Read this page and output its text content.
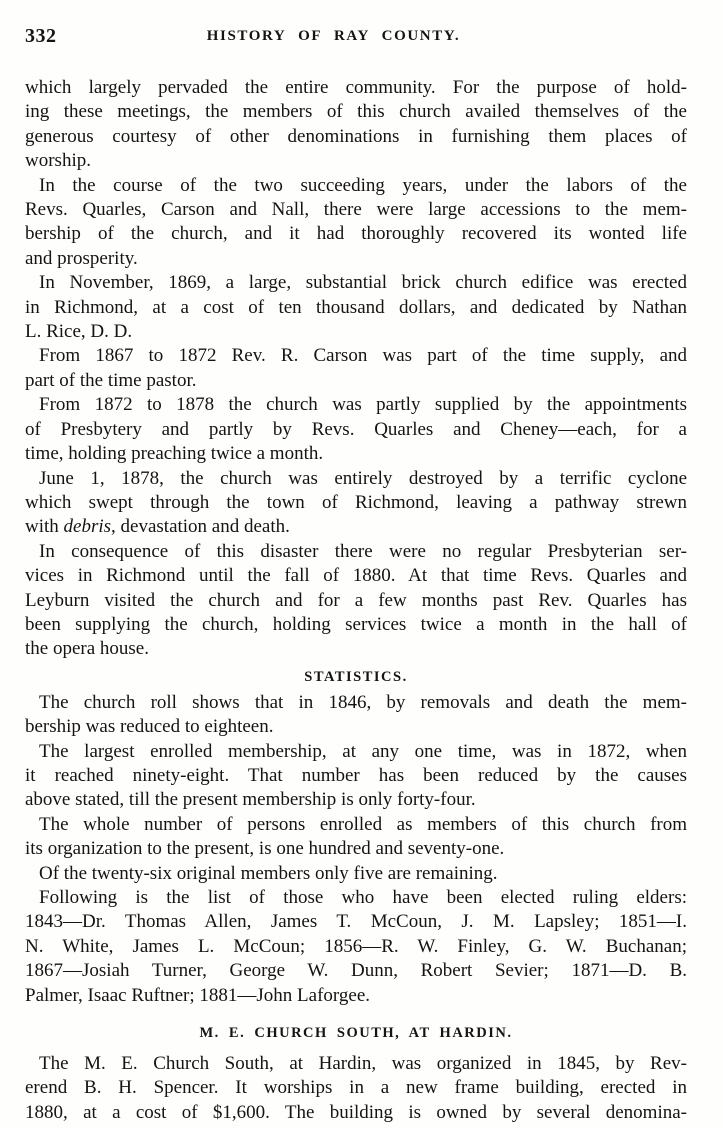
332	HISTORY OF RAY COUNTY.

which largely pervaded the entire community. For the purpose of hold-
ing these meetings, the members of this church availed themselves of the
generous courtesy of other denominations in furnishing them places of
worship.

In the course of the two succeeding years, under the labors of the
Revs. Quarles, Carson and Nall, there were large accessions to the mem-
bership of the church, and it had thoroughly recovered its wonted life
and prosperity.

In November, 1869, a large, substantial brick church edifice was erected
in Richmond, at a cost of ten thousand dollars, and dedicated by Nathan
L. Rice, D. D.

From 1867 to 1872 Rev. R. Carson was part of the time supply, and
part of the time pastor.

From 1872 to 1878 the church was partly supplied by the appointments
of Presbytery and partly by Revs. Quarles and Cheney—each, for a
time, holding preaching twice a month.

June 1, 1878, the church was entirely destroyed by a terrific cyclone
which swept through the town of Richmond, leaving a pathway strewn
with debris, devastation and death.

In consequence of this disaster there were no regular Presbyterian ser-
vices in Richmond until the fall of 1880. At that time Revs. Quarles and
Leyburn visited the church and for a few months past Rev. Quarles has
been supplying the church, holding services twice a month in the hall of
the opera house.

STATISTICS.

The church roll shows that in 1846, by removals and death the mem-
bership was reduced to eighteen.

The largest enrolled membership, at any one time, was in 1872, when
it reached ninety-eight. That number has been reduced by the causes
above stated, till the present membership is only forty-four.

The whole number of persons enrolled as members of this church from
its organization to the present, is one hundred and seventy-one.

Of the twenty-six original members only five are remaining.

Following is the list of those who have been elected ruling elders:
1843—Dr. Thomas Allen, James T. McCoun, J. M. Lapsley; 1851—I.
N. White, James L. McCoun; 1856—R. W. Finley, G. W. Buchanan;
1867—Josiah Turner, George W. Dunn, Robert Sevier; 1871—D. B.
Palmer, Isaac Ruftner; 1881—John Laforgee.

M. E. CHURCH SOUTH, AT HARDIN.

The M. E. Church South, at Hardin, was organized in 1845, by Rev-
erend B. H. Spencer. It worships in a new frame building, erected in
1880, at a cost of $1,600. The building is owned by several denomina-
